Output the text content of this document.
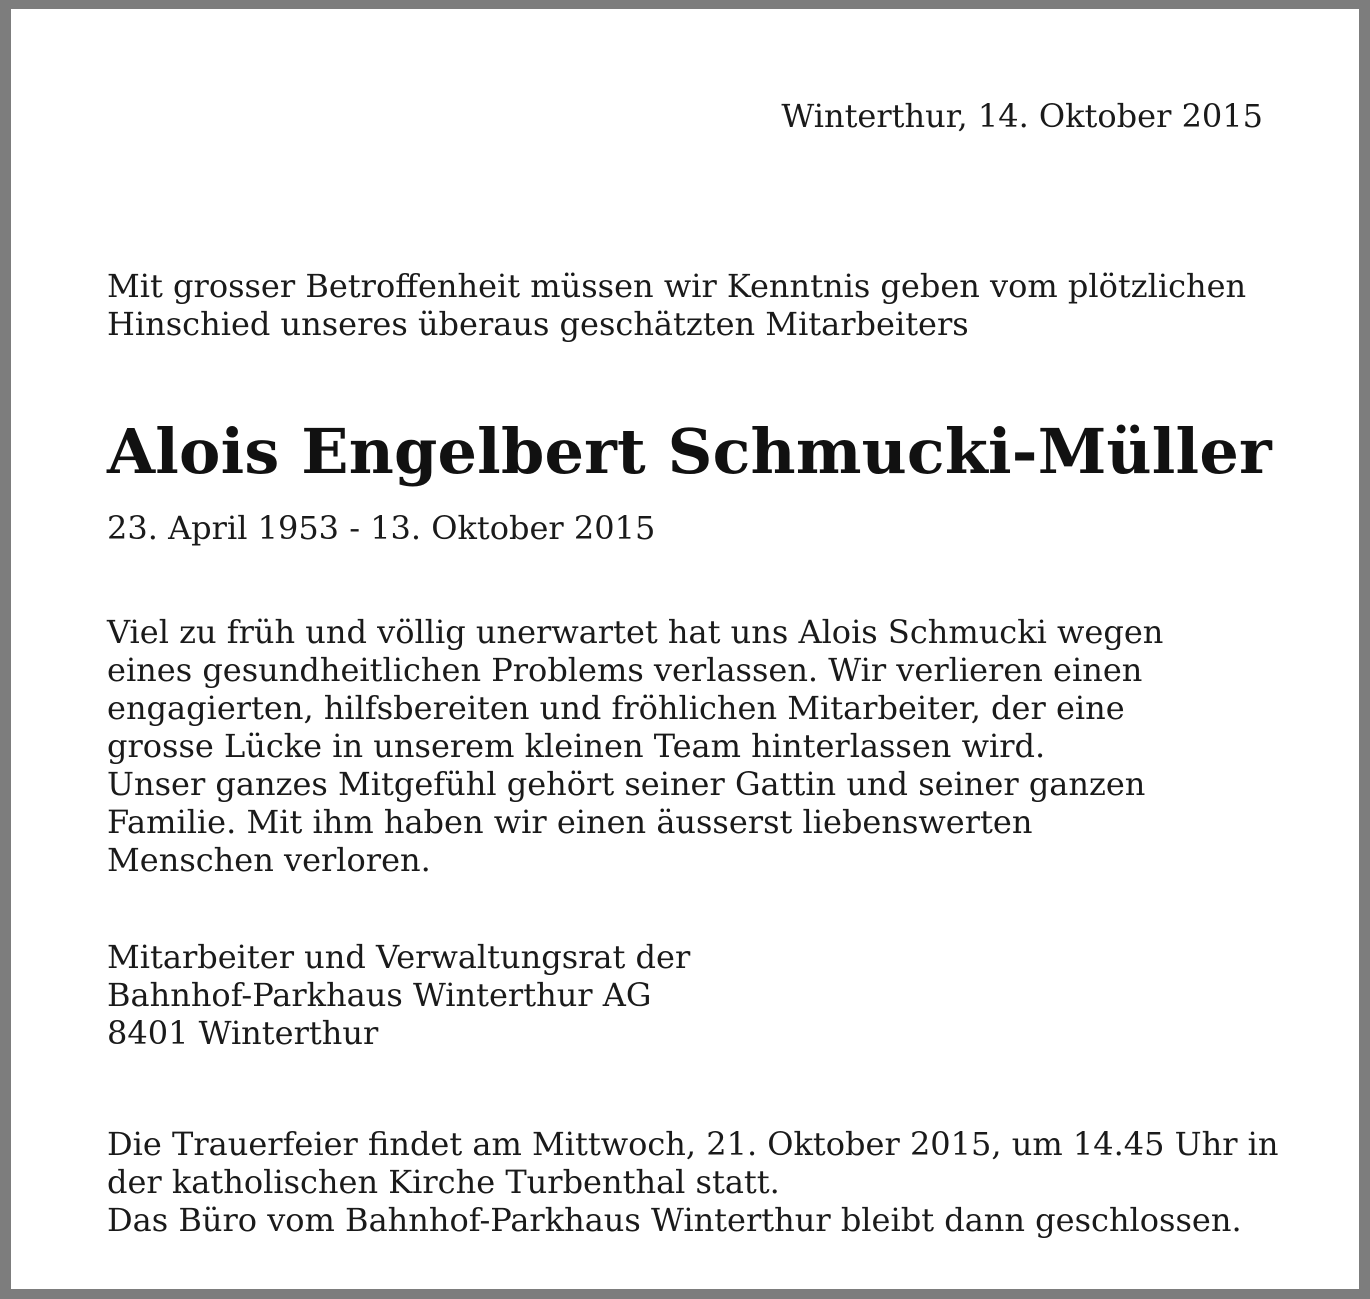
Winterthur, 14. Oktober 2015
Mit grosser Betroffenheit müssen wir Kenntnis geben vom plötzlichen
Hinschied unseres überaus geschätzten Mitarbeiters
Alois Engelbert Schmucki-Müller
23. April 1953 - 13. Oktober 2015
Viel zu früh und völlig unerwartet hat uns Alois Schmucki wegen
eines gesundheitlichen Problems verlassen. Wir verlieren einen
engagierten, hilfsbereiten und fröhlichen Mitarbeiter, der eine
grosse Lücke in unserem kleinen Team hinterlassen wird.
Unser ganzes Mitgefühl gehört seiner Gattin und seiner ganzen
Familie. Mit ihm haben wir einen äusserst liebenswerten
Menschen verloren.
Mitarbeiter und Verwaltungsrat der
Bahnhof-Parkhaus Winterthur AG
8401 Winterthur
Die Trauerfeier findet am Mittwoch, 21. Oktober 2015, um 14.45 Uhr in
der katholischen Kirche Turbenthal statt.
Das Büro vom Bahnhof-Parkhaus Winterthur bleibt dann geschlossen.
